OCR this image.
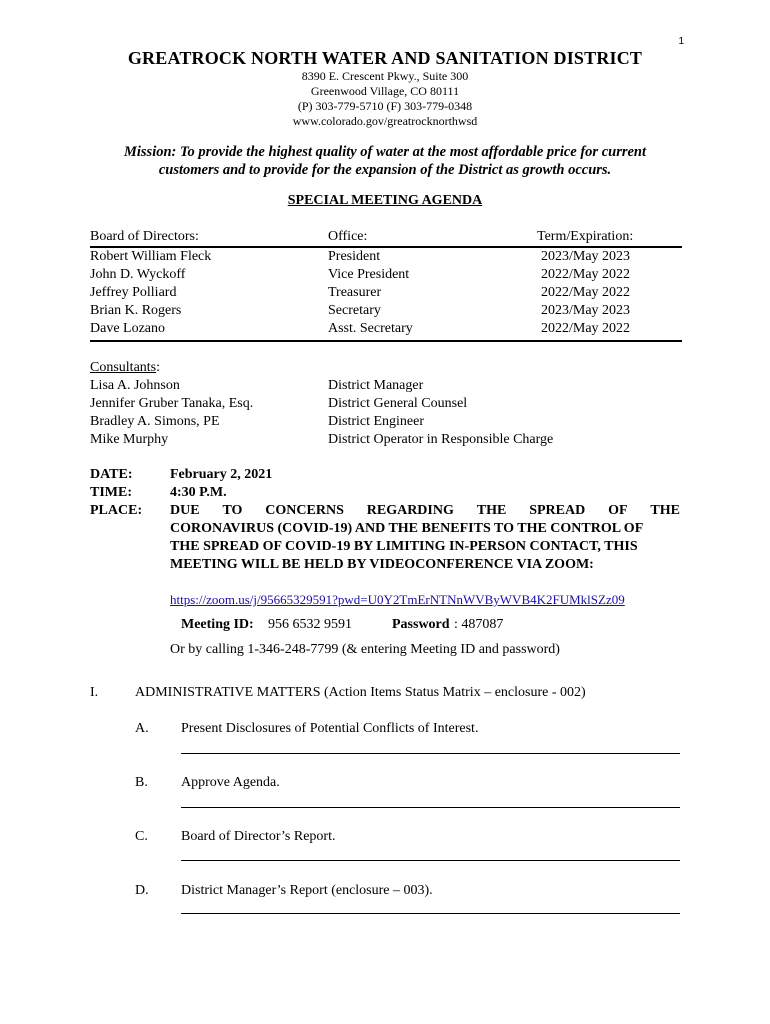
1
GREATROCK NORTH WATER AND SANITATION DISTRICT
8390 E. Crescent Pkwy., Suite 300
Greenwood Village, CO 80111
(P) 303-779-5710 (F) 303-779-0348
www.colorado.gov/greatrocknorthwsd
Mission: To provide the highest quality of water at the most affordable price for current
customers and to provide for the expansion of the District as growth occurs.
SPECIAL MEETING AGENDA
Board of Directors:	Office:	Term/Expiration:
Robert William Fleck	President	2023/May 2023
John D. Wyckoff	Vice President	2022/May 2022
Jeffrey Polliard	Treasurer	2022/May 2022
Brian K. Rogers	Secretary	2023/May 2023
Dave Lozano	Asst. Secretary	2022/May 2022
Consultants:
Lisa A. Johnson	District Manager
Jennifer Gruber Tanaka, Esq.	District General Counsel
Bradley A. Simons, PE	District Engineer
Mike Murphy	District Operator in Responsible Charge
DATE:	February 2, 2021
TIME:	4:30 P.M.
PLACE: DUE TO CONCERNS REGARDING THE SPREAD OF THE
CORONAVIRUS (COVID-19) AND THE BENEFITS TO THE CONTROL OF
THE SPREAD OF COVID-19 BY LIMITING IN-PERSON CONTACT, THIS
MEETING WILL BE HELD BY VIDEOCONFERENCE VIA ZOOM:
https://zoom.us/j/95665329591?pwd=U0Y2TmErNTNnWVByWVB4K2FUMklSZz09
Meeting ID: 956 6532 9591	Password : 487087
Or by calling 1-346-248-7799 (& entering Meeting ID and password)
I.	ADMINISTRATIVE MATTERS (Action Items Status Matrix – enclosure - 002)
A. Present Disclosures of Potential Conflicts of Interest.
B. Approve Agenda.
C. Board of Director’s Report.
D. District Manager’s Report (enclosure – 003).
